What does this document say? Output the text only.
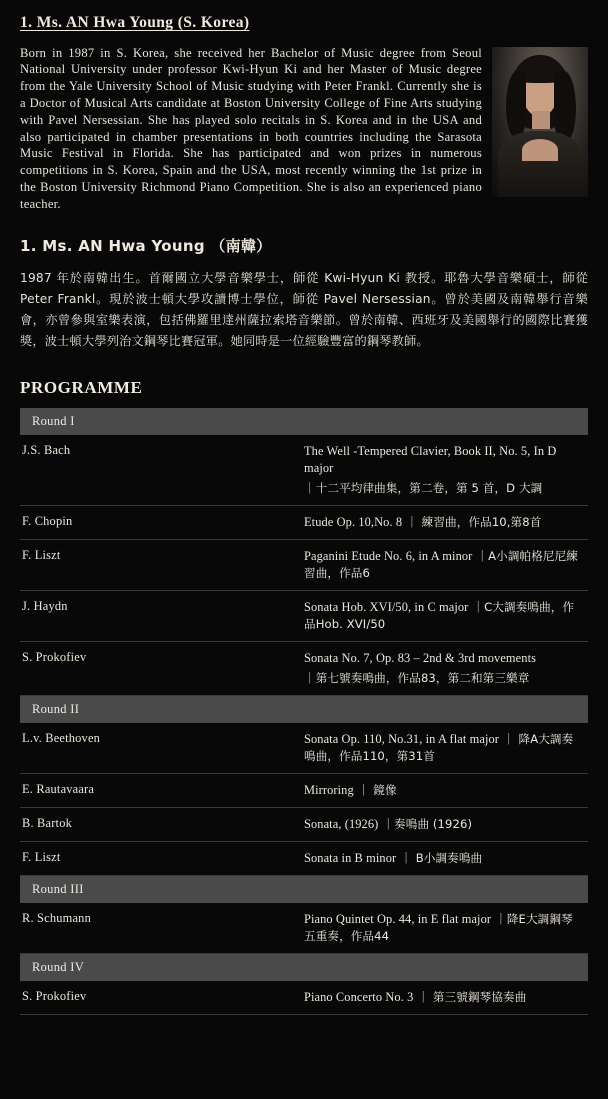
1. Ms. AN Hwa Young (S. Korea)

Born in 1987 in S. Korea, she received her Bachelor of Music degree from Seoul National University under professor Kwi-Hyun Ki and her Master of Music degree from the Yale University School of Music studying with Peter Frankl. Currently she is a Doctor of Musical Arts candidate at Boston University College of Fine Arts studying with Pavel Nersessian. She has played solo recitals in S. Korea and in the USA and also participated in chamber presentations in both countries including the Sarasota Music Festival in Florida. She has participated and won prizes in numerous competitions in S. Korea, Spain and the USA, most recently winning the 1st prize in the Boston University Richmond Piano Competition. She is also an experienced piano teacher.

1. Ms. AN Hwa Young （南韓）

1987 年於南韓出生。首爾國立大學音樂學士，師從 Kwi-Hyun Ki 教授。耶魯大學音樂碩士，師從 Peter Frankl。現於波士頓大學攻讀博士學位，師從 Pavel Nersessian。曾於美國及南韓舉行音樂會，亦曾參與室樂表演，包括佛羅里達州薩拉索塔音樂節。曾於南韓、西班牙及美國舉行的國際比賽獲獎，波士頓大學列治文鋼琴比賽冠軍。她同時是一位經驗豐富的鋼琴教師。

PROGRAMME
Round I	
J.S. Bach	The Well -Tempered Clavier, Book II, No. 5, In D major
｜十二平均律曲集，第二卷，第 5 首，D 大調

F. Chopin	Etude Op. 10,No. 8 ｜ 練習曲，作品10,第8首
F. Liszt	Paganini Etude No. 6, in A minor ｜A小調帕格尼尼練習曲，作品6
J. Haydn	Sonata Hob. XVI/50, in C major ｜C大調奏鳴曲，作品Hob. XVI/50
S. Prokofiev	Sonata No. 7, Op. 83 – 2nd & 3rd movements
｜第七號奏鳴曲，作品83，第二和第三樂章

Round II	
L.v. Beethoven	Sonata Op. 110, No.31, in A flat major ｜ 降A大調奏鳴曲，作品110，第31首
E. Rautavaara	Mirroring ｜ 鏡像
B. Bartok	Sonata, (1926) ｜奏鳴曲 (1926)
F. Liszt	Sonata in B minor ｜ B小調奏鳴曲
Round III	
R. Schumann	Piano Quintet Op. 44, in E flat major ｜降E大調鋼琴五重奏，作品44
Round IV	
S. Prokofiev	Piano Concerto No. 3 ｜ 第三號鋼琴協奏曲
